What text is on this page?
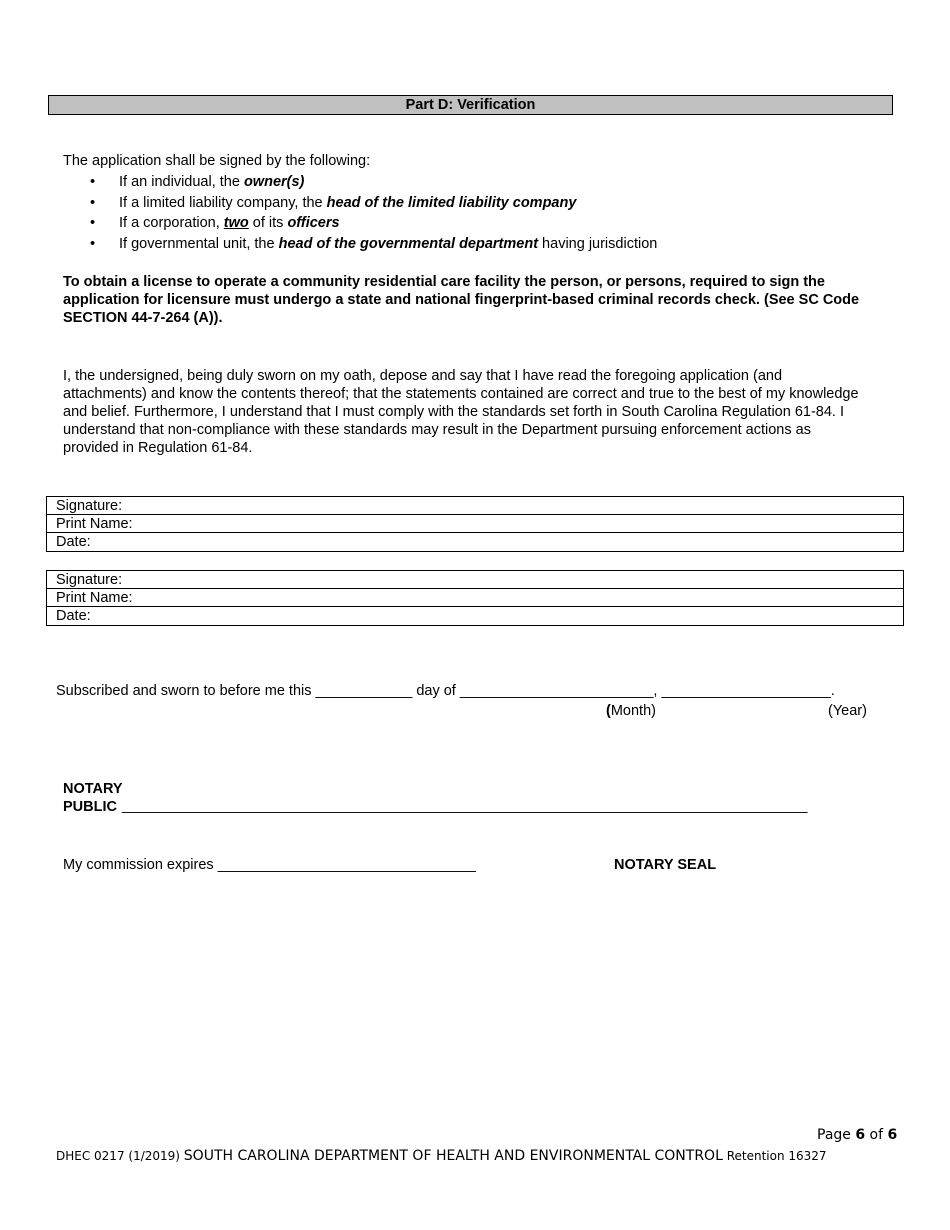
Part D: Verification
The application shall be signed by the following:
• If an individual, the owner(s)
• If a limited liability company, the head of the limited liability company
• If a corporation, two of its officers
• If governmental unit, the head of the governmental department having jurisdiction
To obtain a license to operate a community residential care facility the person, or persons, required to sign the application for licensure must undergo a state and national fingerprint-based criminal records check. (See SC Code SECTION 44-7-264 (A)).
I, the undersigned, being duly sworn on my oath, depose and say that I have read the foregoing application (and attachments) and know the contents thereof; that the statements contained are correct and true to the best of my knowledge and belief. Furthermore, I understand that I must comply with the standards set forth in South Carolina Regulation 61-84. I understand that non-compliance with these standards may result in the Department pursuing enforcement actions as provided in Regulation 61-84.
Signature:
Print Name:
Date:
Signature:
Print Name:
Date:
Subscribed and sworn to before me this ____________ day of ________________________, _____________________.
(Month)	(Year)
NOTARY
PUBLIC _____________________________________________________________________________________
My commission expires ________________________________	NOTARY SEAL
Page 6 of 6
DHEC 0217 (1/2019) SOUTH CAROLINA DEPARTMENT OF HEALTH AND ENVIRONMENTAL CONTROL Retention 16327
